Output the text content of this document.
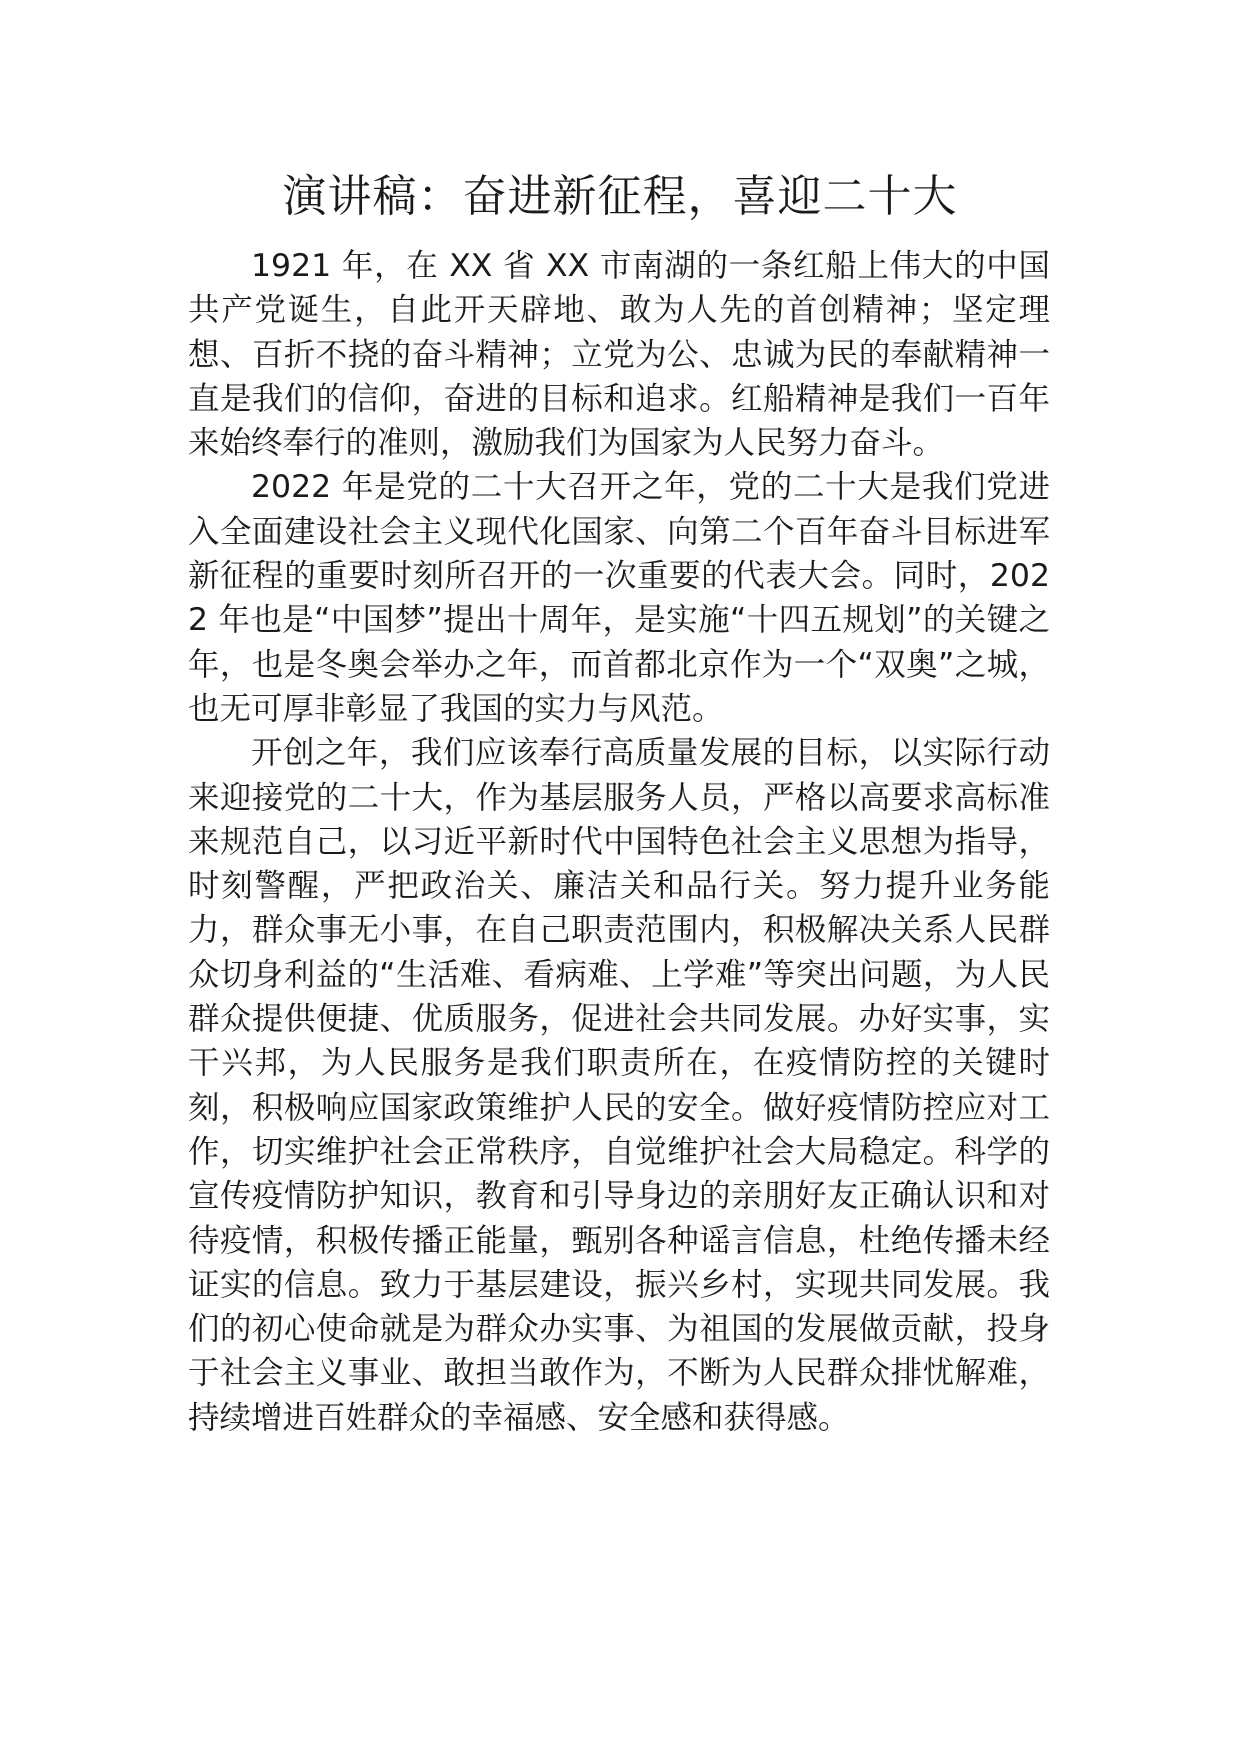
演讲稿：奋进新征程，喜迎二十大

1921 年，在 XX 省 XX 市南湖的一条红船上伟大的中国共产党诞生，自此开天辟地、敢为人先的首创精神；坚定理想、百折不挠的奋斗精神；立党为公、忠诚为民的奉献精神一直是我们的信仰，奋进的目标和追求。红船精神是我们一百年来始终奉行的准则，激励我们为国家为人民努力奋斗。

2022 年是党的二十大召开之年，党的二十大是我们党进入全面建设社会主义现代化国家、向第二个百年奋斗目标进军新征程的重要时刻所召开的一次重要的代表大会。同时，2022 年也是“中国梦”提出十周年，是实施“十四五规划”的关键之年，也是冬奥会举办之年，而首都北京作为一个“双奥”之城，也无可厚非彰显了我国的实力与风范。

开创之年，我们应该奉行高质量发展的目标，以实际行动来迎接党的二十大，作为基层服务人员，严格以高要求高标准来规范自己，以习近平新时代中国特色社会主义思想为指导，时刻警醒，严把政治关、廉洁关和品行关。努力提升业务能力，群众事无小事，在自己职责范围内，积极解决关系人民群众切身利益的“生活难、看病难、上学难”等突出问题，为人民群众提供便捷、优质服务，促进社会共同发展。办好实事，实干兴邦，为人民服务是我们职责所在，在疫情防控的关键时刻，积极响应国家政策维护人民的安全。做好疫情防控应对工作，切实维护社会正常秩序，自觉维护社会大局稳定。科学的宣传疫情防护知识，教育和引导身边的亲朋好友正确认识和对待疫情，积极传播正能量，甄别各种谣言信息，杜绝传播未经证实的信息。致力于基层建设，振兴乡村，实现共同发展。我们的初心使命就是为群众办实事、为祖国的发展做贡献，投身于社会主义事业、敢担当敢作为，不断为人民群众排忧解难，持续增进百姓群众的幸福感、安全感和获得感。
